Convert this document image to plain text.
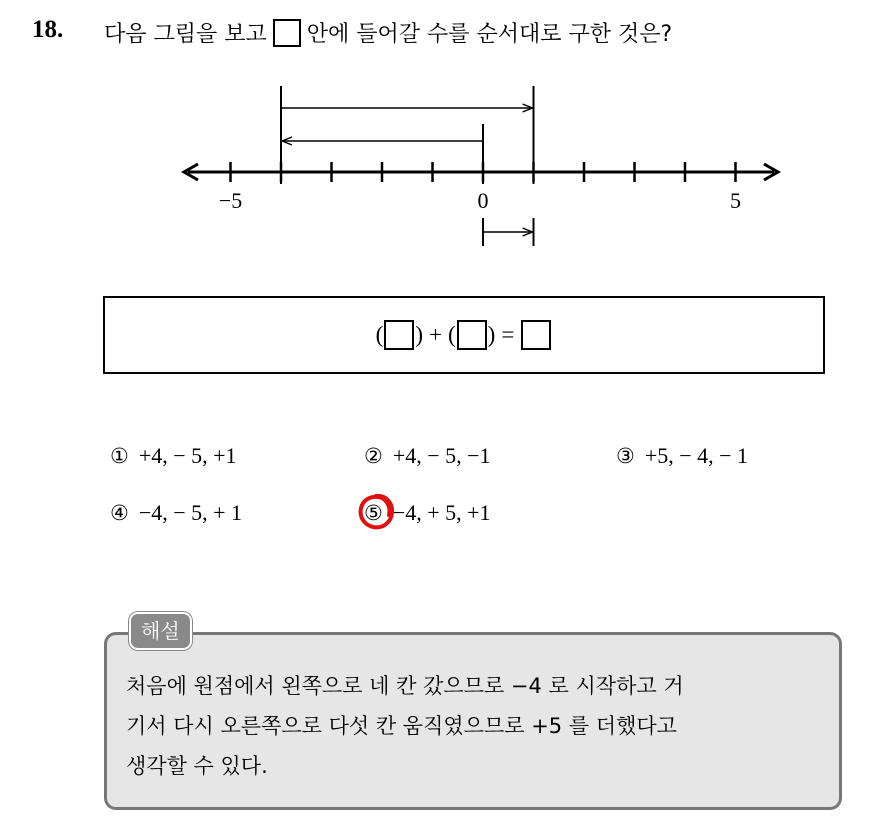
18. 다음 그림을 보고 안에 들어갈 수를 순서대로 구한 것은?
−5	0	5
( ) + ( ) =
① +4, − 5, +1	② +4, − 5, −1	③ +5, − 4, − 1
④ −4, − 5, + 1	⑤ −4, + 5, +1
해설
처음에 원점에서 왼쪽으로 네 칸 갔으므로 −4 로 시작하고 거
기서 다시 오른쪽으로 다섯 칸 움직였으므로 +5 를 더했다고
생각할 수 있다.
